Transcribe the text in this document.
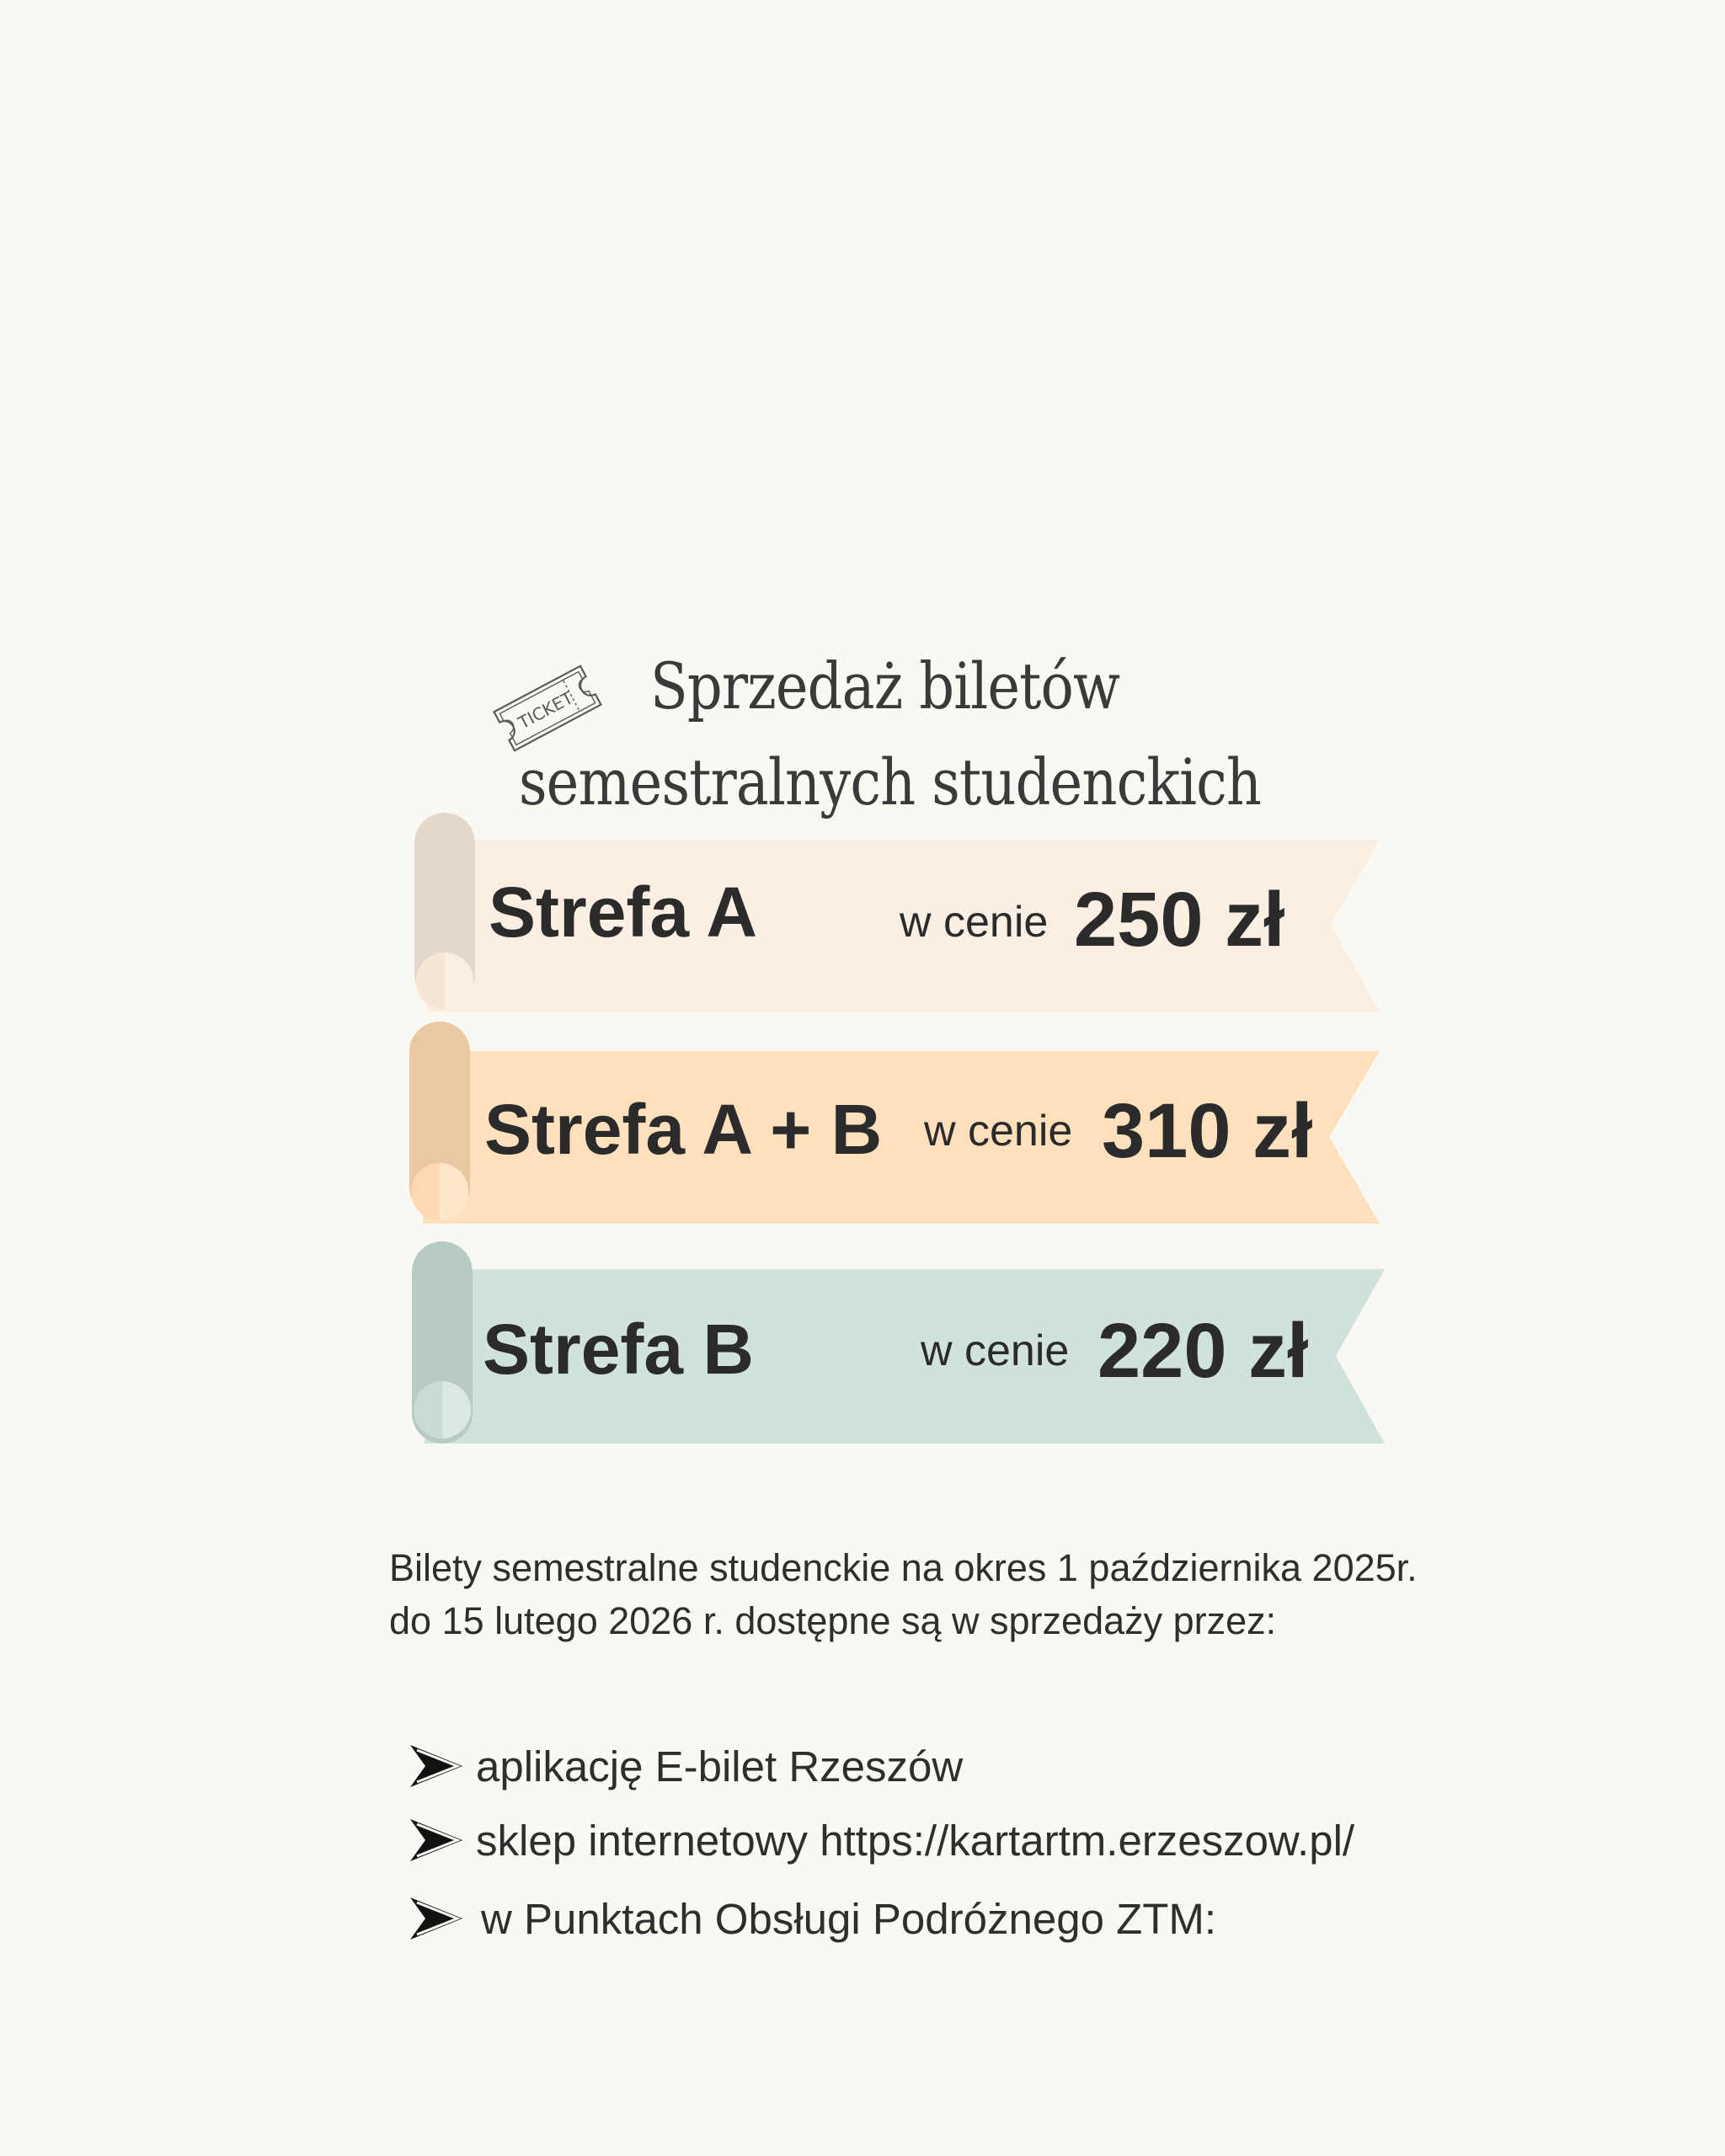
Sprzedaż biletów
semestralnych studenckich
TICKET
Strefa A	w cenie 250 zł
Strefa A + B w cenie 310 zł
Strefa B	w cenie 220 zł
Bilety semestralne studenckie na okres 1 października 2025r. do 15 lutego 2026 r. dostępne są w sprzedaży przez:
aplikację E-bilet Rzeszów
sklep internetowy https://kartartm.erzeszow.pl/
w Punktach Obsługi Podróżnego ZTM:
